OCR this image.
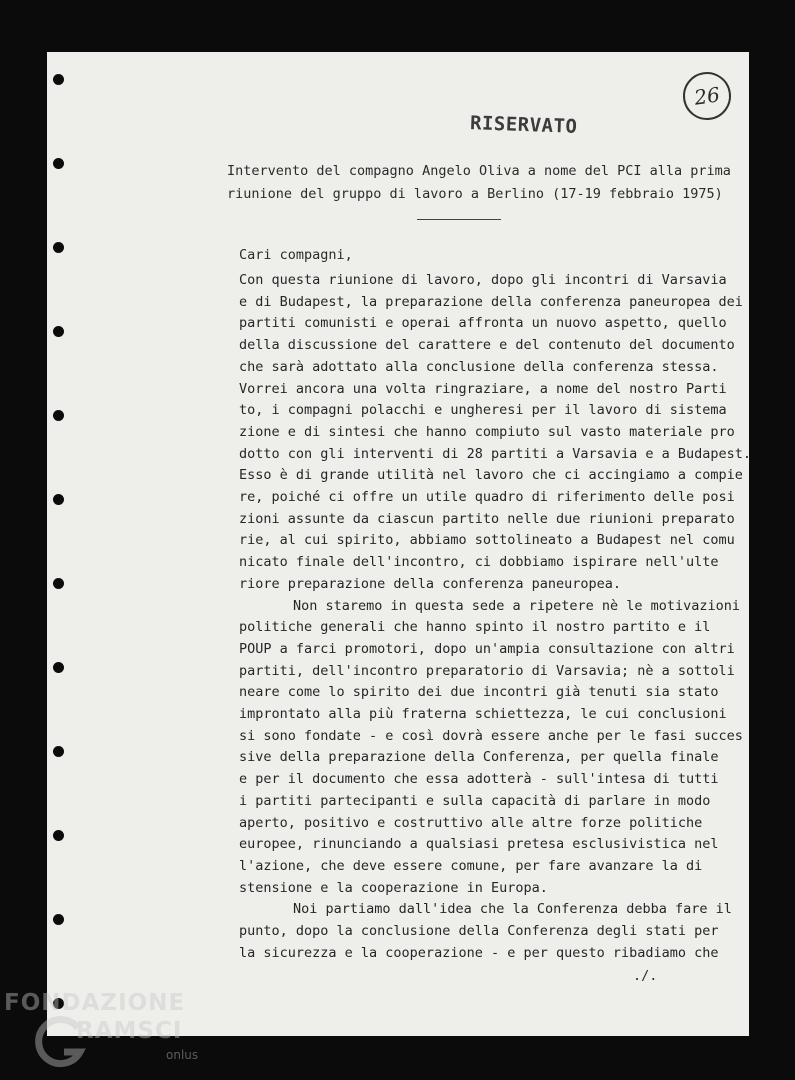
26
RISERVATO
Intervento del compagno Angelo Oliva a nome del PCI alla prima
riunione del gruppo di lavoro a Berlino (17-19 febbraio 1975)
Cari compagni,
Con questa riunione di lavoro, dopo gli incontri di Varsavia
e di Budapest, la preparazione della conferenza paneuropea dei
partiti comunisti e operai affronta un nuovo aspetto, quello
della discussione del carattere e del contenuto del documento
che sarà adottato alla conclusione della conferenza stessa.
Vorrei ancora una volta ringraziare, a nome del nostro Parti
to, i compagni polacchi e ungheresi per il lavoro di sistema
zione e di sintesi che hanno compiuto sul vasto materiale pro
dotto con gli interventi di 28 partiti a Varsavia e a Budapest.
Esso è di grande utilità nel lavoro che ci accingiamo a compie
re, poiché ci offre un utile quadro di riferimento delle posi
zioni assunte da ciascun partito nelle due riunioni preparato
rie, al cui spirito, abbiamo sottolineato a Budapest nel comu
nicato finale dell'incontro, ci dobbiamo ispirare nell'ulte
riore preparazione della conferenza paneuropea.
Non staremo in questa sede a ripetere nè le motivazioni
politiche generali che hanno spinto il nostro partito e il
POUP a farci promotori, dopo un'ampia consultazione con altri
partiti, dell'incontro preparatorio di Varsavia; nè a sottoli
neare come lo spirito dei due incontri già tenuti sia stato
improntato alla più fraterna schiettezza, le cui conclusioni
si sono fondate - e così dovrà essere anche per le fasi succes
sive della preparazione della Conferenza, per quella finale
e per il documento che essa adotterà - sull'intesa di tutti
i partiti partecipanti e sulla capacità di parlare in modo
aperto, positivo e costruttivo alle altre forze politiche
europee, rinunciando a qualsiasi pretesa esclusivistica nel
l'azione, che deve essere comune, per fare avanzare la di
stensione e la cooperazione in Europa.
Noi partiamo dall'idea che la Conferenza debba fare il
punto, dopo la conclusione della Conferenza degli stati per
la sicurezza e la cooperazione - e per questo ribadiamo che
./.
FONDAZIONE
RAMSCI
onlus
